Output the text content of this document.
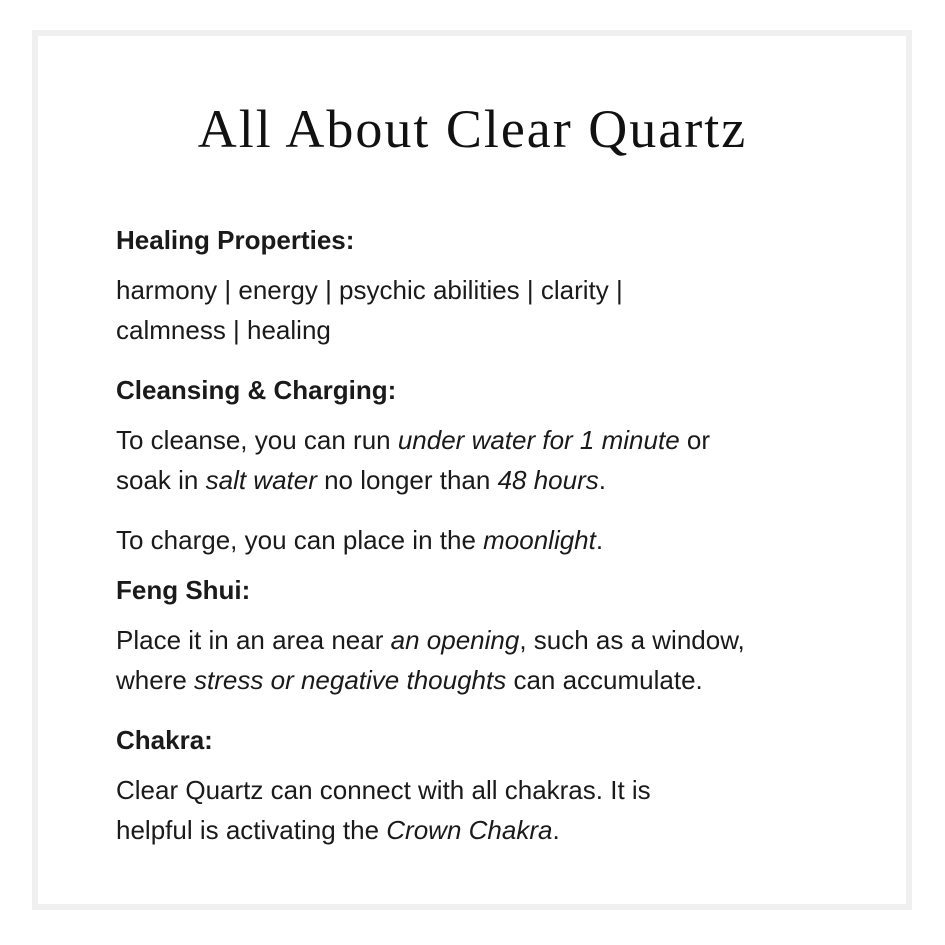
All About Clear Quartz
Healing Properties:
harmony | energy | psychic abilities | clarity |
calmness | healing
Cleansing & Charging:
To cleanse, you can run under water for 1 minute or
soak in salt water no longer than 48 hours.
To charge, you can place in the moonlight.
Feng Shui:
Place it in an area near an opening, such as a window,
where stress or negative thoughts can accumulate.
Chakra:
Clear Quartz can connect with all chakras. It is
helpful is activating the Crown Chakra.
